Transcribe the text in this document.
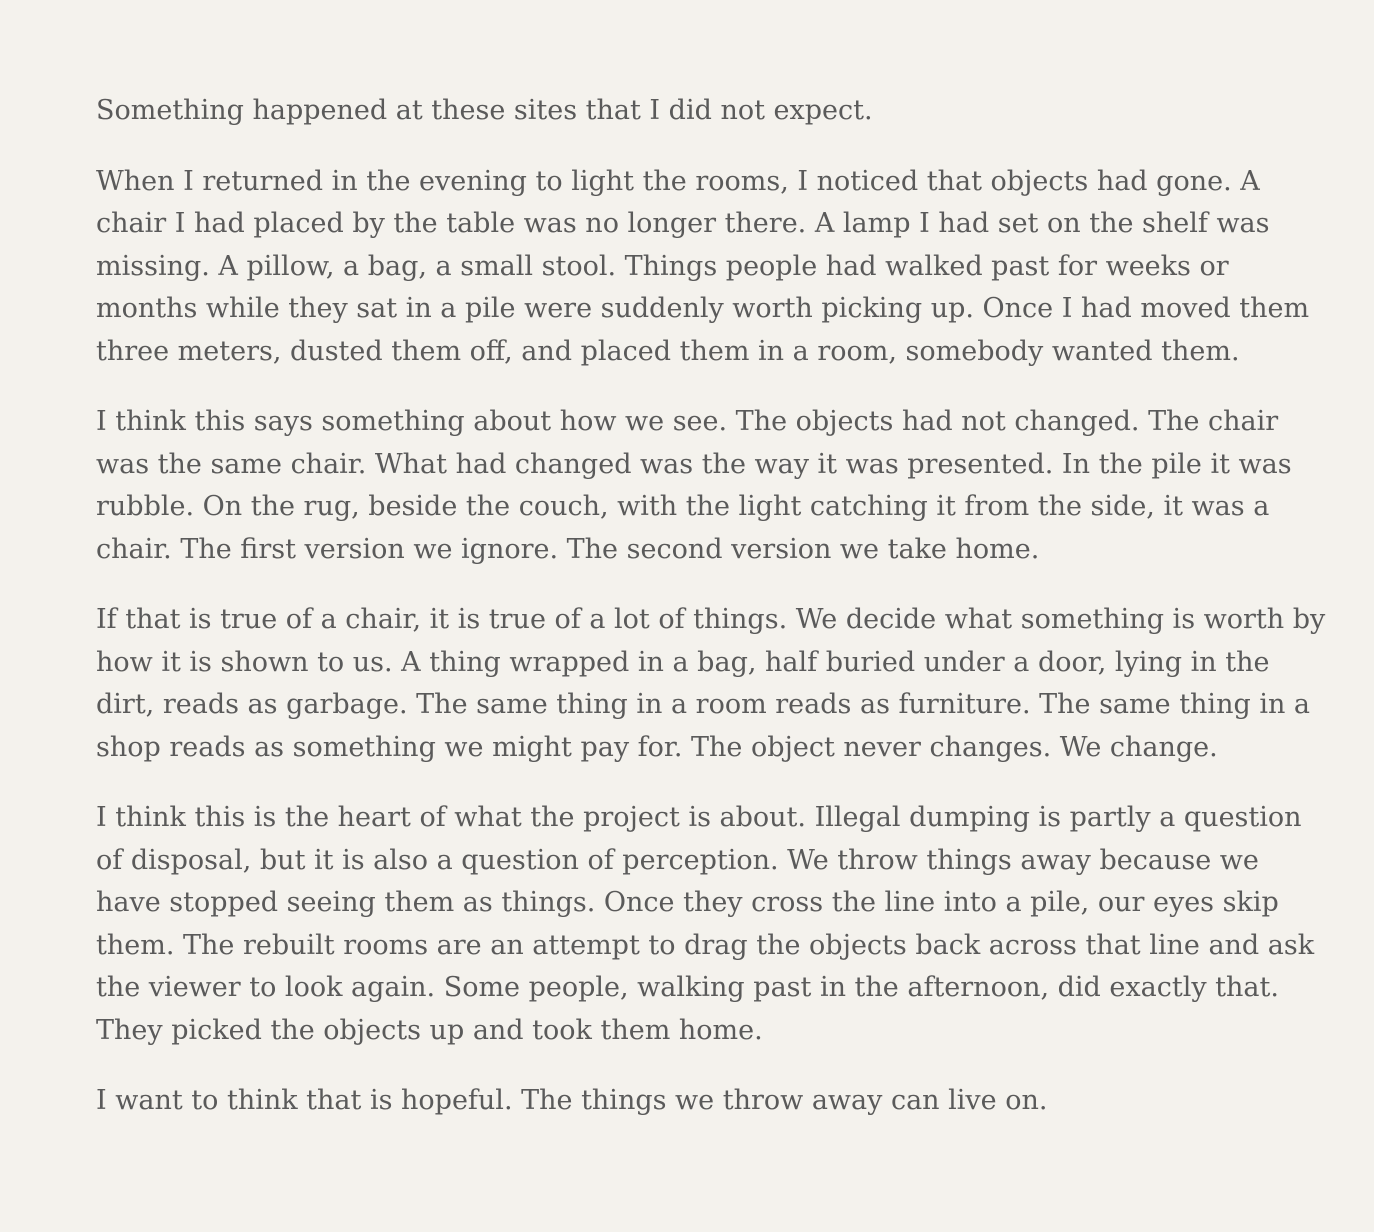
Something happened at these sites that I did not expect.

When I returned in the evening to light the rooms, I noticed that objects had gone. A chair I had placed by the table was no longer there. A lamp I had set on the shelf was missing. A pillow, a bag, a small stool. Things people had walked past for weeks or months while they sat in a pile were suddenly worth picking up. Once I had moved them three meters, dusted them off, and placed them in a room, somebody wanted them.

I think this says something about how we see. The objects had not changed. The chair was the same chair. What had changed was the way it was presented. In the pile it was rubble. On the rug, beside the couch, with the light catching it from the side, it was a chair. The first version we ignore. The second version we take home.

If that is true of a chair, it is true of a lot of things. We decide what something is worth by how it is shown to us. A thing wrapped in a bag, half buried under a door, lying in the dirt, reads as garbage. The same thing in a room reads as furniture. The same thing in a shop reads as something we might pay for. The object never changes. We change.

I think this is the heart of what the project is about. Illegal dumping is partly a question of disposal, but it is also a question of perception. We throw things away because we have stopped seeing them as things. Once they cross the line into a pile, our eyes skip them. The rebuilt rooms are an attempt to drag the objects back across that line and ask the viewer to look again. Some people, walking past in the afternoon, did exactly that. They picked the objects up and took them home.

I want to think that is hopeful. The things we throw away can live on.
